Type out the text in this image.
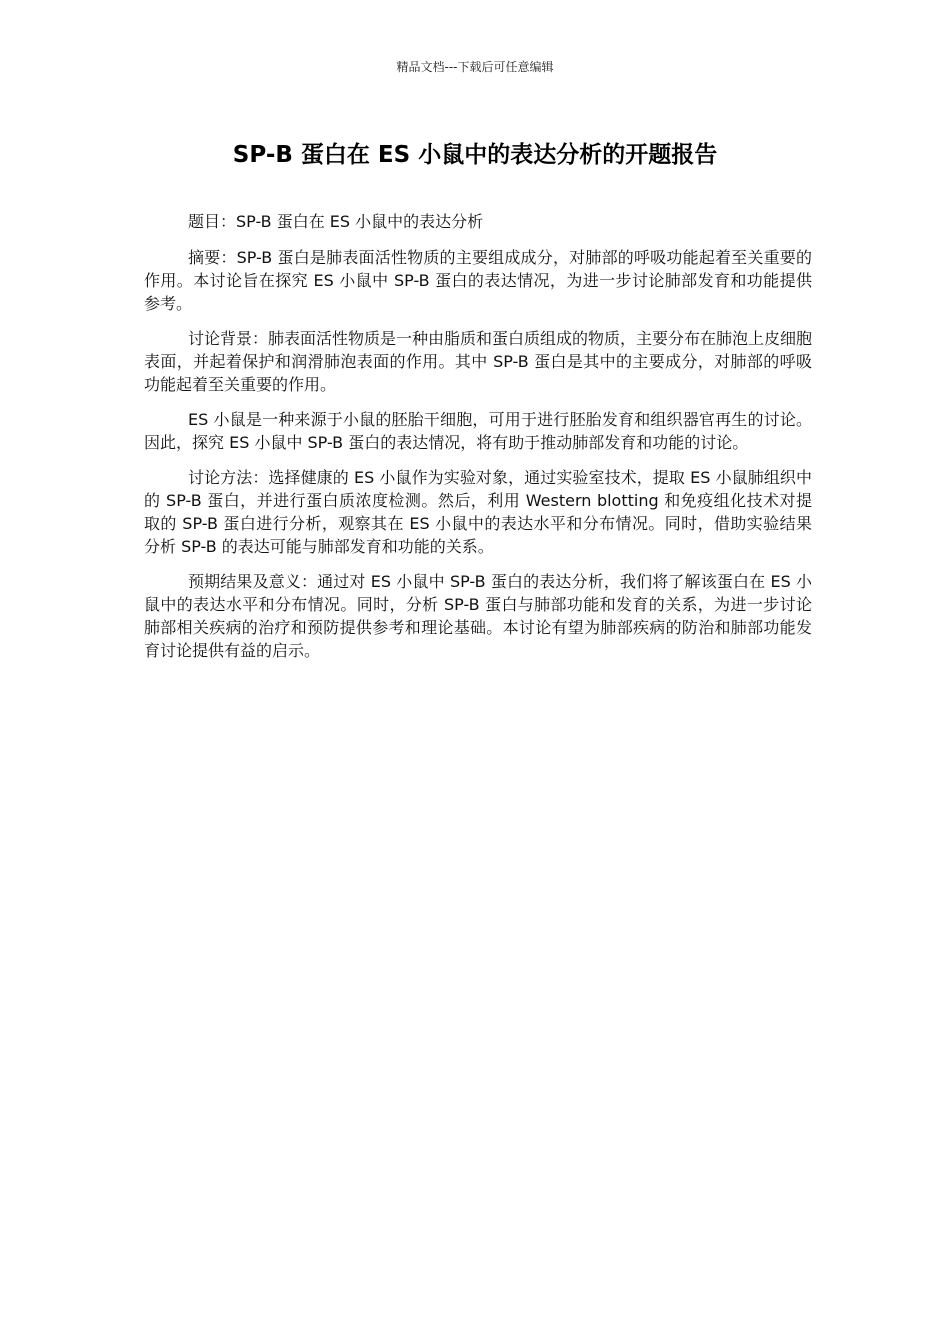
精品文档---下载后可任意编辑
SP-B 蛋白在 ES 小鼠中的表达分析的开题报告

题目：SP-B 蛋白在 ES 小鼠中的表达分析

摘要：SP-B 蛋白是肺表面活性物质的主要组成成分，对肺部的呼吸功能起着至关重要的作用。本讨论旨在探究 ES 小鼠中 SP-B 蛋白的表达情况，为进一步讨论肺部发育和功能提供参考。

讨论背景：肺表面活性物质是一种由脂质和蛋白质组成的物质，主要分布在肺泡上皮细胞表面，并起着保护和润滑肺泡表面的作用。其中 SP-B 蛋白是其中的主要成分，对肺部的呼吸功能起着至关重要的作用。

ES 小鼠是一种来源于小鼠的胚胎干细胞，可用于进行胚胎发育和组织器官再生的讨论。因此，探究 ES 小鼠中 SP-B 蛋白的表达情况，将有助于推动肺部发育和功能的讨论。

讨论方法：选择健康的 ES 小鼠作为实验对象，通过实验室技术，提取 ES 小鼠肺组织中的 SP-B 蛋白，并进行蛋白质浓度检测。然后，利用 Western blotting 和免疫组化技术对提取的 SP-B 蛋白进行分析，观察其在 ES 小鼠中的表达水平和分布情况。同时，借助实验结果分析 SP-B 的表达可能与肺部发育和功能的关系。

预期结果及意义：通过对 ES 小鼠中 SP-B 蛋白的表达分析，我们将了解该蛋白在 ES 小鼠中的表达水平和分布情况。同时，分析 SP-B 蛋白与肺部功能和发育的关系，为进一步讨论肺部相关疾病的治疗和预防提供参考和理论基础。本讨论有望为肺部疾病的防治和肺部功能发育讨论提供有益的启示。
